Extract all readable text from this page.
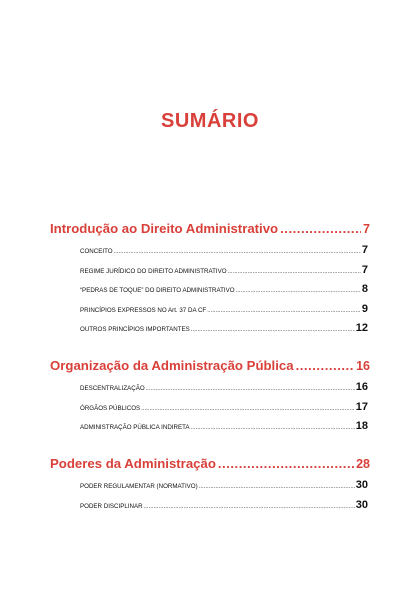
SUMÁRIO
Introdução ao Direito Administrativo .....	7
CONCEITO .....	7
REGIME JURÍDICO DO DIREITO ADMINISTRATIVO .....	7
“PEDRAS DE TOQUE” DO DIREITO ADMINISTRATIVO .....	8
PRINCÍPIOS EXPRESSOS NO Art. 37 DA CF .....	9
OUTROS PRINCÍPIOS IMPORTANTES .....	12
Organização da Administração Pública .....	16
DESCENTRALIZAÇÃO .....	16
ÓRGÃOS PÚBLICOS .....	17
ADMINISTRAÇÃO PÚBLICA INDIRETA .....	18
Poderes da Administração .....	28
PODER REGULAMENTAR (NORMATIVO) .....	30
PODER DISCIPLINAR .....	30
